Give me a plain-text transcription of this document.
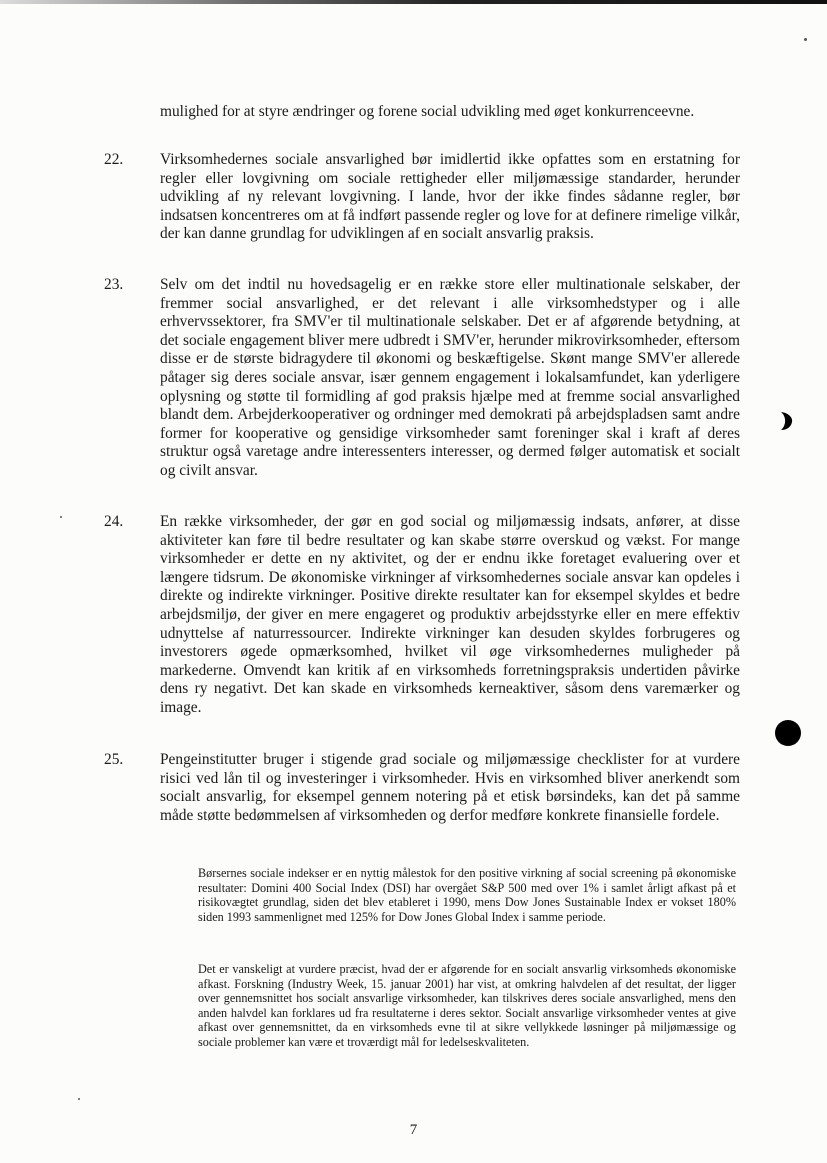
mulighed for at styre ændringer og forene social udvikling med øget konkurrenceevne.
22. Virksomhedernes sociale ansvarlighed bør imidlertid ikke opfattes som en erstatning for regler eller lovgivning om sociale rettigheder eller miljømæssige standarder, herunder udvikling af ny relevant lovgivning. I lande, hvor der ikke findes sådanne regler, bør indsatsen koncentreres om at få indført passende regler og love for at definere rimelige vilkår, der kan danne grundlag for udviklingen af en socialt ansvarlig praksis.
23. Selv om det indtil nu hovedsagelig er en række store eller multinationale selskaber, der fremmer social ansvarlighed, er det relevant i alle virksomhedstyper og i alle erhvervssektorer, fra SMV'er til multinationale selskaber. Det er af afgørende betydning, at det sociale engagement bliver mere udbredt i SMV'er, herunder mikrovirksomheder, eftersom disse er de største bidragydere til økonomi og beskæftigelse. Skønt mange SMV'er allerede påtager sig deres sociale ansvar, især gennem engagement i lokalsamfundet, kan yderligere oplysning og støtte til formidling af god praksis hjælpe med at fremme social ansvarlighed blandt dem. Arbejderkooperativer og ordninger med demokrati på arbejdspladsen samt andre former for kooperative og gensidige virksomheder samt foreninger skal i kraft af deres struktur også varetage andre interessenters interesser, og dermed følger automatisk et socialt og civilt ansvar.
24. En række virksomheder, der gør en god social og miljømæssig indsats, anfører, at disse aktiviteter kan føre til bedre resultater og kan skabe større overskud og vækst. For mange virksomheder er dette en ny aktivitet, og der er endnu ikke foretaget evaluering over et længere tidsrum. De økonomiske virkninger af virksomhedernes sociale ansvar kan opdeles i direkte og indirekte virkninger. Positive direkte resultater kan for eksempel skyldes et bedre arbejdsmiljø, der giver en mere engageret og produktiv arbejdsstyrke eller en mere effektiv udnyttelse af naturressourcer. Indirekte virkninger kan desuden skyldes forbrugeres og investorers øgede opmærksomhed, hvilket vil øge virksomhedernes muligheder på markederne. Omvendt kan kritik af en virksomheds forretningspraksis undertiden påvirke dens ry negativt. Det kan skade en virksomheds kerneaktiver, såsom dens varemærker og image.
25. Pengeinstitutter bruger i stigende grad sociale og miljømæssige checklister for at vurdere risici ved lån til og investeringer i virksomheder. Hvis en virksomhed bliver anerkendt som socialt ansvarlig, for eksempel gennem notering på et etisk børsindeks, kan det på samme måde støtte bedømmelsen af virksomheden og derfor medføre konkrete finansielle fordele.
Børsernes sociale indekser er en nyttig målestok for den positive virkning af social screening på økonomiske resultater: Domini 400 Social Index (DSI) har overgået S&P 500 med over 1% i samlet årligt afkast på et risikovægtet grundlag, siden det blev etableret i 1990, mens Dow Jones Sustainable Index er vokset 180% siden 1993 sammenlignet med 125% for Dow Jones Global Index i samme periode.
Det er vanskeligt at vurdere præcist, hvad der er afgørende for en socialt ansvarlig virksomheds økonomiske afkast. Forskning (Industry Week, 15. januar 2001) har vist, at omkring halvdelen af det resultat, der ligger over gennemsnittet hos socialt ansvarlige virksomheder, kan tilskrives deres sociale ansvarlighed, mens den anden halvdel kan forklares ud fra resultaterne i deres sektor. Socialt ansvarlige virksomheder ventes at give afkast over gennemsnittet, da en virksomheds evne til at sikre vellykkede løsninger på miljømæssige og sociale problemer kan være et troværdigt mål for ledelseskvaliteten.
7
